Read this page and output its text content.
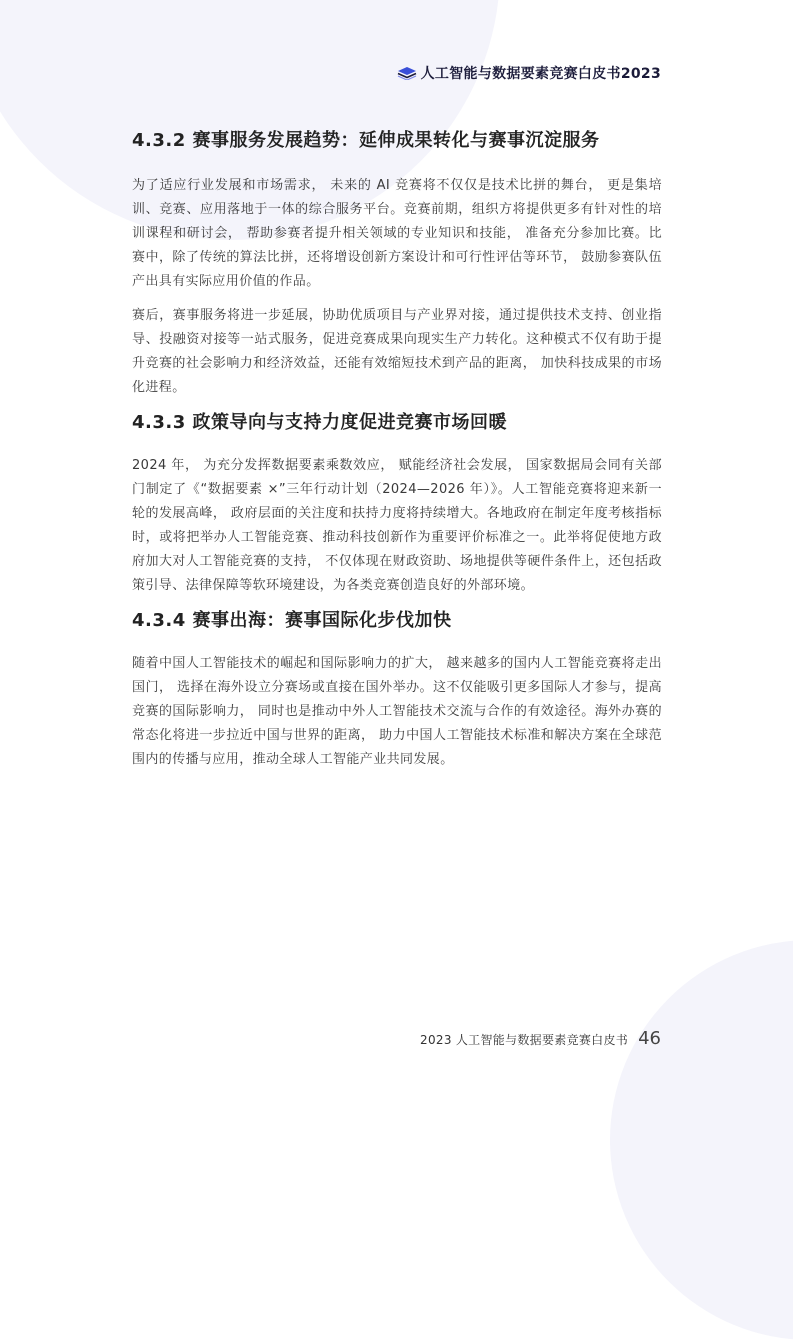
人工智能与数据要素竞赛白皮书2023
4.3.2 赛事服务发展趋势：延伸成果转化与赛事沉淀服务

为了适应行业发展和市场需求， 未来的 AI 竞赛将不仅仅是技术比拼的舞台， 更是集培训、竞赛、应用落地于一体的综合服务平台。竞赛前期，组织方将提供更多有针对性的培训课程和研讨会， 帮助参赛者提升相关领域的专业知识和技能， 准备充分参加比赛。比赛中，除了传统的算法比拼，还将增设创新方案设计和可行性评估等环节， 鼓励参赛队伍产出具有实际应用价值的作品。

赛后，赛事服务将进一步延展，协助优质项目与产业界对接，通过提供技术支持、创业指导、投融资对接等一站式服务，促进竞赛成果向现实生产力转化。这种模式不仅有助于提升竞赛的社会影响力和经济效益，还能有效缩短技术到产品的距离， 加快科技成果的市场化进程。

4.3.3 政策导向与支持力度促进竞赛市场回暖

2024 年， 为充分发挥数据要素乘数效应， 赋能经济社会发展， 国家数据局会同有关部门制定了《“数据要素 ×”三年行动计划（2024—2026 年）》。人工智能竞赛将迎来新一轮的发展高峰， 政府层面的关注度和扶持力度将持续增大。各地政府在制定年度考核指标时，或将把举办人工智能竞赛、推动科技创新作为重要评价标准之一。此举将促使地方政府加大对人工智能竞赛的支持， 不仅体现在财政资助、场地提供等硬件条件上，还包括政策引导、法律保障等软环境建设，为各类竞赛创造良好的外部环境。

4.3.4 赛事出海：赛事国际化步伐加快

随着中国人工智能技术的崛起和国际影响力的扩大， 越来越多的国内人工智能竞赛将走出国门， 选择在海外设立分赛场或直接在国外举办。这不仅能吸引更多国际人才参与，提高竞赛的国际影响力， 同时也是推动中外人工智能技术交流与合作的有效途径。海外办赛的常态化将进一步拉近中国与世界的距离， 助力中国人工智能技术标准和解决方案在全球范围内的传播与应用，推动全球人工智能产业共同发展。

2023 人工智能与数据要素竞赛白皮书 46
